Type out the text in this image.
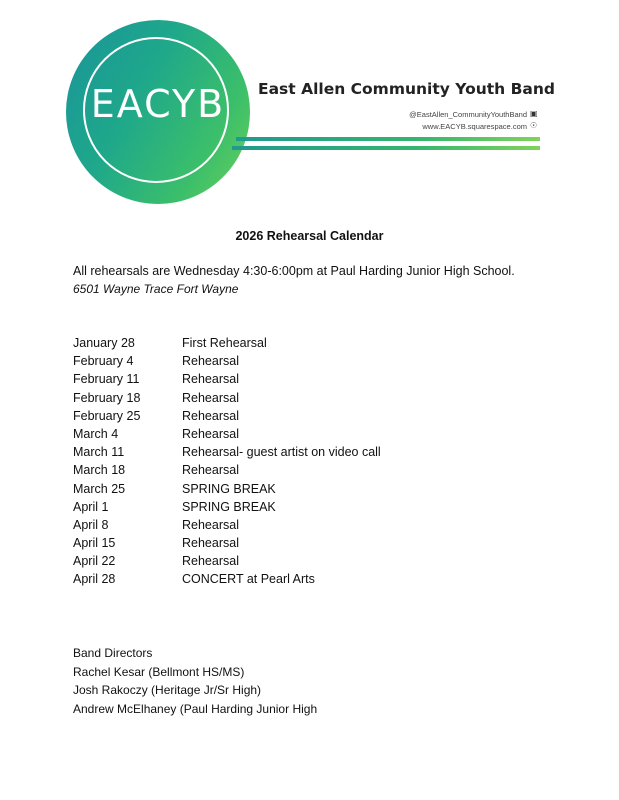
EACYB	East Allen Community Youth Band
@EastAllen_CommunityYouthBand ▣
www.EACYB.squarespace.com ☉
2026 Rehearsal Calendar
All rehearsals are Wednesday 4:30-6:00pm at Paul Harding Junior High School.
6501 Wayne Trace Fort Wayne
January 28	First Rehearsal
February 4	Rehearsal
February 11	Rehearsal
February 18	Rehearsal
February 25	Rehearsal
March 4	Rehearsal
March 11	Rehearsal- guest artist on video call
March 18	Rehearsal
March 25	SPRING BREAK
April 1	SPRING BREAK
April 8	Rehearsal
April 15	Rehearsal
April 22	Rehearsal
April 28	CONCERT at Pearl Arts
Band Directors
Rachel Kesar (Bellmont HS/MS)
Josh Rakoczy (Heritage Jr/Sr High)
Andrew McElhaney (Paul Harding Junior High
